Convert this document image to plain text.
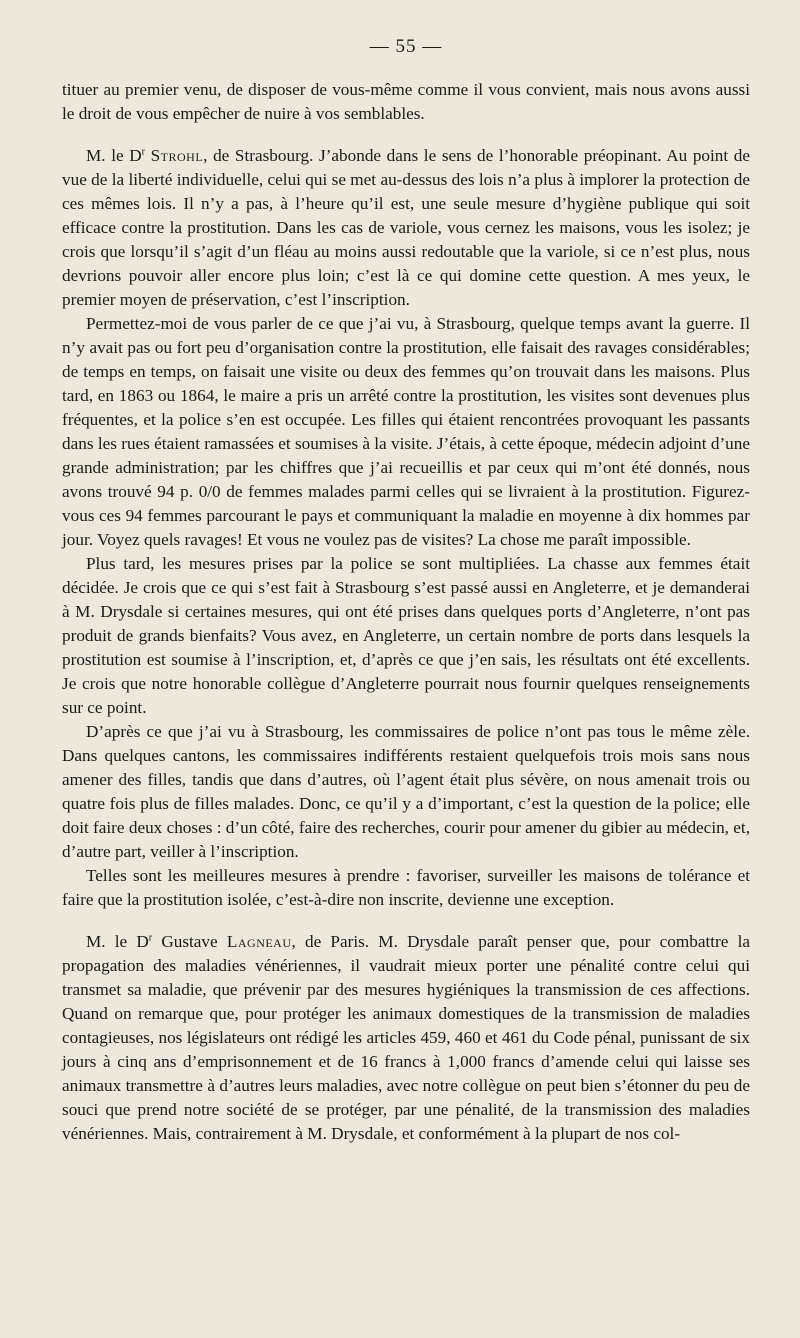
— 55 —

tituer au premier venu, de disposer de vous-même comme il vous convient, mais nous avons aussi le droit de vous empêcher de nuire à vos semblables.

M. le $D^r$ Strohl, de Strasbourg. J’abonde dans le sens de l’honorable préopinant. Au point de vue de la liberté individuelle, celui qui se met au-dessus des lois n’a plus à implorer la protection de ces mêmes lois. Il n’y a pas, à l’heure qu’il est, une seule mesure d’hygiène publique qui soit efficace contre la prostitution. Dans les cas de variole, vous cernez les maisons, vous les isolez; je crois que lorsqu’il s’agit d’un fléau au moins aussi redoutable que la variole, si ce n’est plus, nous devrions pouvoir aller encore plus loin; c’est là ce qui domine cette question. A mes yeux, le premier moyen de préservation, c’est l’inscription.

Permettez-moi de vous parler de ce que j’ai vu, à Strasbourg, quelque temps avant la guerre. Il n’y avait pas ou fort peu d’organisation contre la prostitution, elle faisait des ravages considérables; de temps en temps, on faisait une visite ou deux des femmes qu’on trouvait dans les maisons. Plus tard, en 1863 ou 1864, le maire a pris un arrêté contre la prostitution, les visites sont devenues plus fréquentes, et la police s’en est occupée. Les filles qui étaient rencontrées provoquant les passants dans les rues étaient ramassées et soumises à la visite. J’étais, à cette époque, médecin adjoint d’une grande administration; par les chiffres que j’ai recueillis et par ceux qui m’ont été donnés, nous avons trouvé 94 p. 0/0 de femmes malades parmi celles qui se livraient à la prostitution. Figurez-vous ces 94 femmes parcourant le pays et communiquant la maladie en moyenne à dix hommes par jour. Voyez quels ravages! Et vous ne voulez pas de visites? La chose me paraît impossible.

Plus tard, les mesures prises par la police se sont multipliées. La chasse aux femmes était décidée. Je crois que ce qui s’est fait à Strasbourg s’est passé aussi en Angleterre, et je demanderai à M. Drysdale si certaines mesures, qui ont été prises dans quelques ports d’Angleterre, n’ont pas produit de grands bienfaits? Vous avez, en Angleterre, un certain nombre de ports dans lesquels la prostitution est soumise à l’inscription, et, d’après ce que j’en sais, les résultats ont été excellents. Je crois que notre honorable collègue d’Angleterre pourrait nous fournir quelques renseignements sur ce point.

D’après ce que j’ai vu à Strasbourg, les commissaires de police n’ont pas tous le même zèle. Dans quelques cantons, les commissaires indifférents restaient quelquefois trois mois sans nous amener des filles, tandis que dans d’autres, où l’agent était plus sévère, on nous amenait trois ou quatre fois plus de filles malades. Donc, ce qu’il y a d’important, c’est la question de la police; elle doit faire deux choses : d’un côté, faire des recherches, courir pour amener du gibier au médecin, et, d’autre part, veiller à l’inscription.

Telles sont les meilleures mesures à prendre : favoriser, surveiller les maisons de tolérance et faire que la prostitution isolée, c’est-à-dire non inscrite, devienne une exception.

M. le $D^r$ Gustave Lagneau, de Paris. M. Drysdale paraît penser que, pour combattre la propagation des maladies vénériennes, il vaudrait mieux porter une pénalité contre celui qui transmet sa maladie, que prévenir par des mesures hygiéniques la transmission de ces affections. Quand on remarque que, pour protéger les animaux domestiques de la transmission de maladies contagieuses, nos législateurs ont rédigé les articles 459, 460 et 461 du Code pénal, punissant de six jours à cinq ans d’emprisonnement et de 16 francs à 1,000 francs d’amende celui qui laisse ses animaux transmettre à d’autres leurs maladies, avec notre collègue on peut bien s’étonner du peu de souci que prend notre société de se protéger, par une pénalité, de la transmission des maladies vénériennes. Mais, contrairement à M. Drysdale, et conformément à la plupart de nos col-
